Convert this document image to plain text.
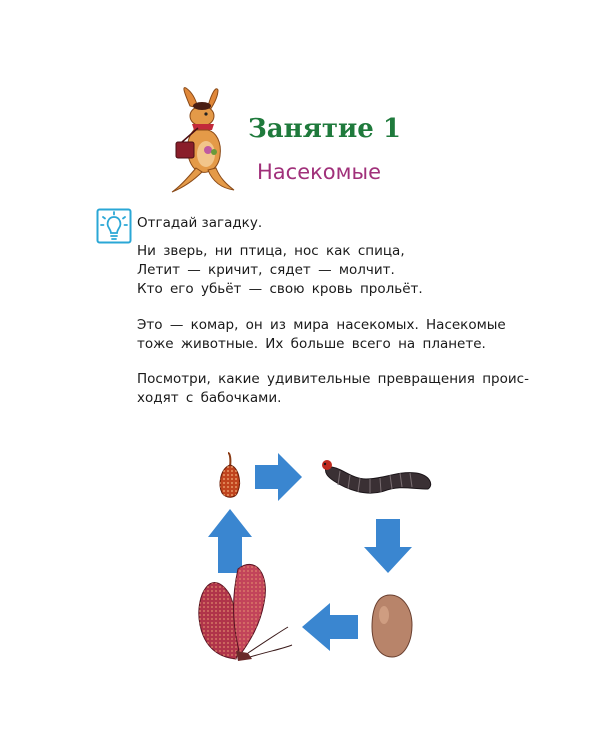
Занятие 1
Насекомые
Отгадай загадку.
Ни зверь, ни птица, нос как спица,
Летит — кричит, сядет — молчит.
Кто его убьёт — свою кровь прольёт.
Это — комар, он из мира насекомых. Насекомые
тоже животные. Их больше всего на планете.
Посмотри, какие удивительные превращения проис-
ходят с бабочками.
